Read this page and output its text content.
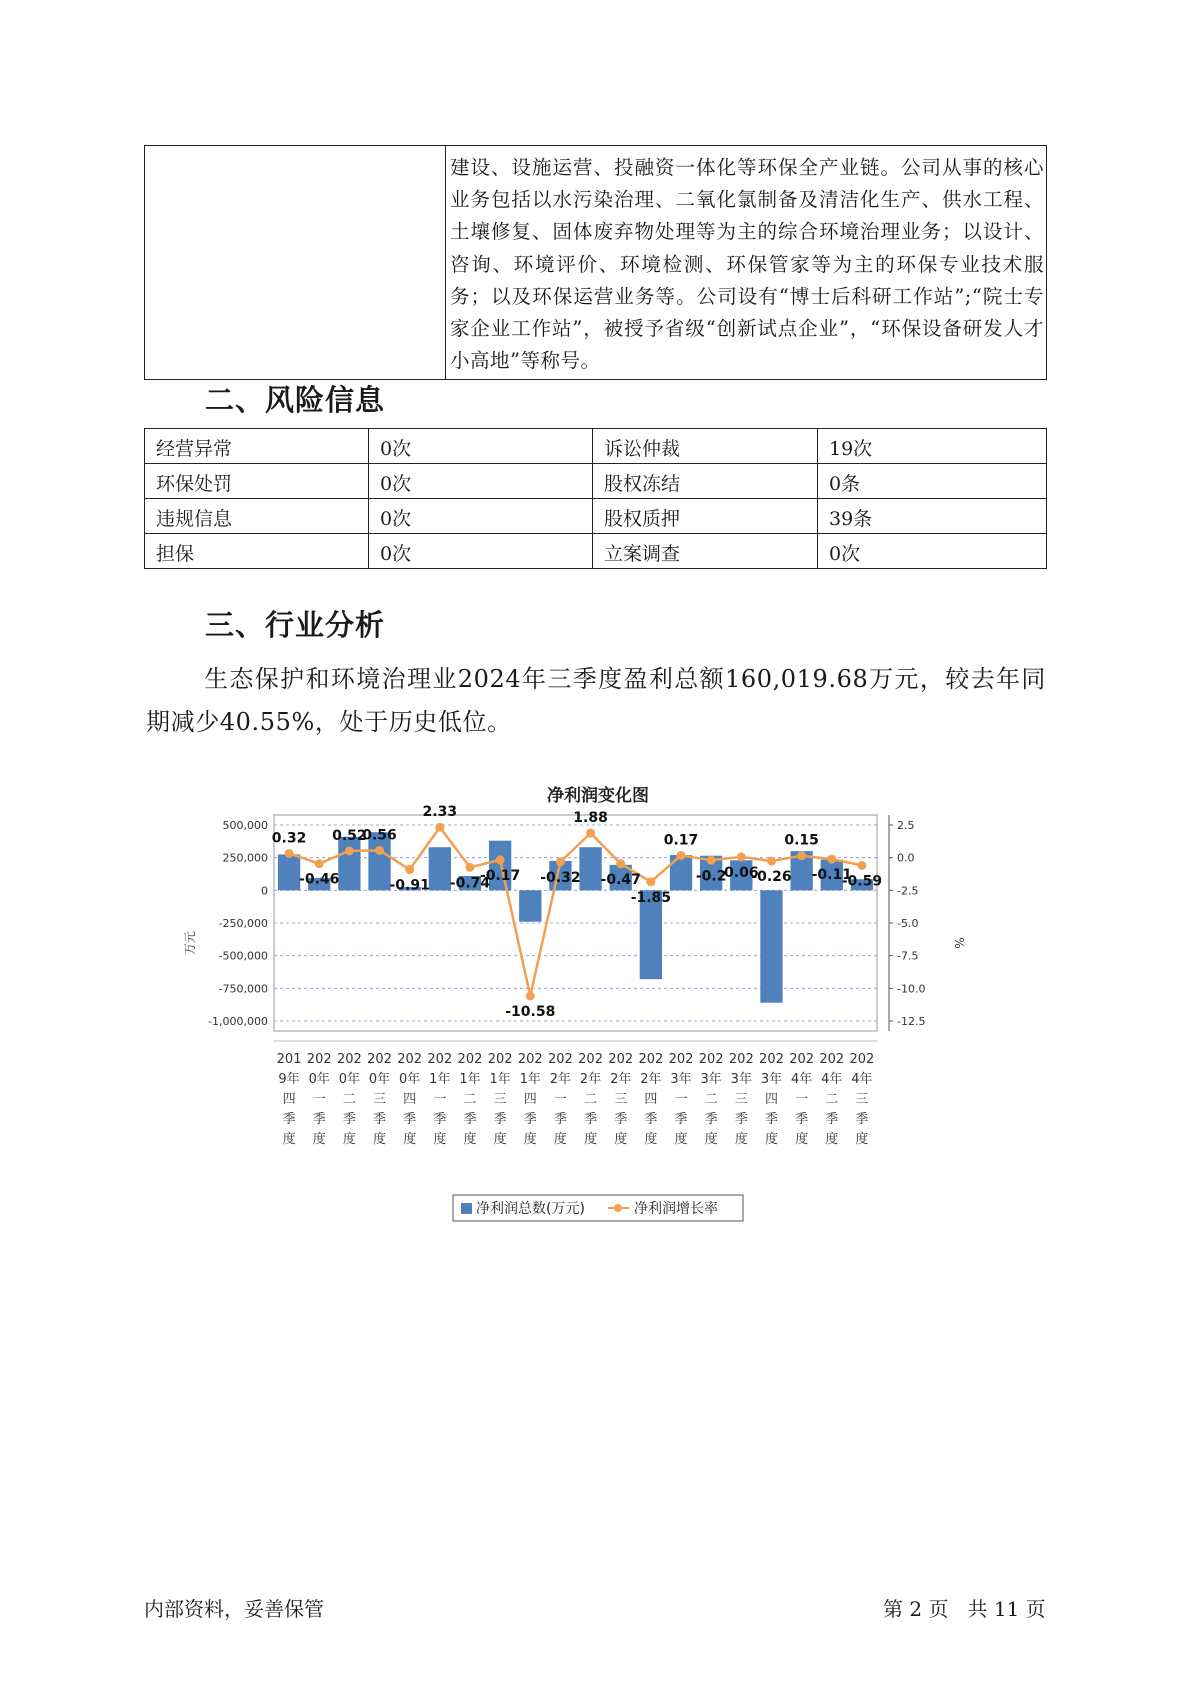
	建设、设施运营、投融资一体化等环保全产业链。公司从事的核心业务包括以水污染治理、二氧化氯制备及清洁化生产、供水工程、土壤修复、固体废弃物处理等为主的综合环境治理业务；以设计、咨询、环境评价、环境检测、环保管家等为主的环保专业技术服务；以及环保运营业务等。公司设有“博士后科研工作站”;“院士专家企业工作站”，被授予省级“创新试点企业”，“环保设备研发人才小高地”等称号。
二、风险信息
经营异常	0次	诉讼仲裁	19次
环保处罚	0次	股权冻结	0条
违规信息	0次	股权质押	39条
担保	0次	立案调查	0次
三、行业分析

生态保护和环境治理业2024年三季度盈利总额160,019.68万元，较去年同期减少40.55%，处于历史低位。

净利润变化图
500,000
250,000
0
-250,000
-500,000
-750,000
-1,000,000
2.5
0.0
-2.5
-5.0
-7.5
-10.0
-12.5
0.32
-0.46
0.52
0.56
-0.91
2.33
-0.74
-0.17
-10.58
-0.32
1.88
-0.47
-1.85
0.17
-0.2
0.06
-0.26
0.15
-0.11
-0.59
201
9年
四
季
度
202
0年
一
季
度
202
0年
二
季
度
202
0年
三
季
度
202
0年
四
季
度
202
1年
一
季
度
202
1年
二
季
度
202
1年
三
季
度
202
1年
四
季
度
202
2年
一
季
度
202
2年
二
季
度
202
2年
三
季
度
202
2年
四
季
度
202
3年
一
季
度
202
3年
二
季
度
202
3年
三
季
度
202
3年
四
季
度
202
4年
一
季
度
202
4年
二
季
度
202
4年
三
季
度
万元	%
净利润总数(万元)	净利润增长率
内部资料，妥善保管	第 2 页   共 11 页
